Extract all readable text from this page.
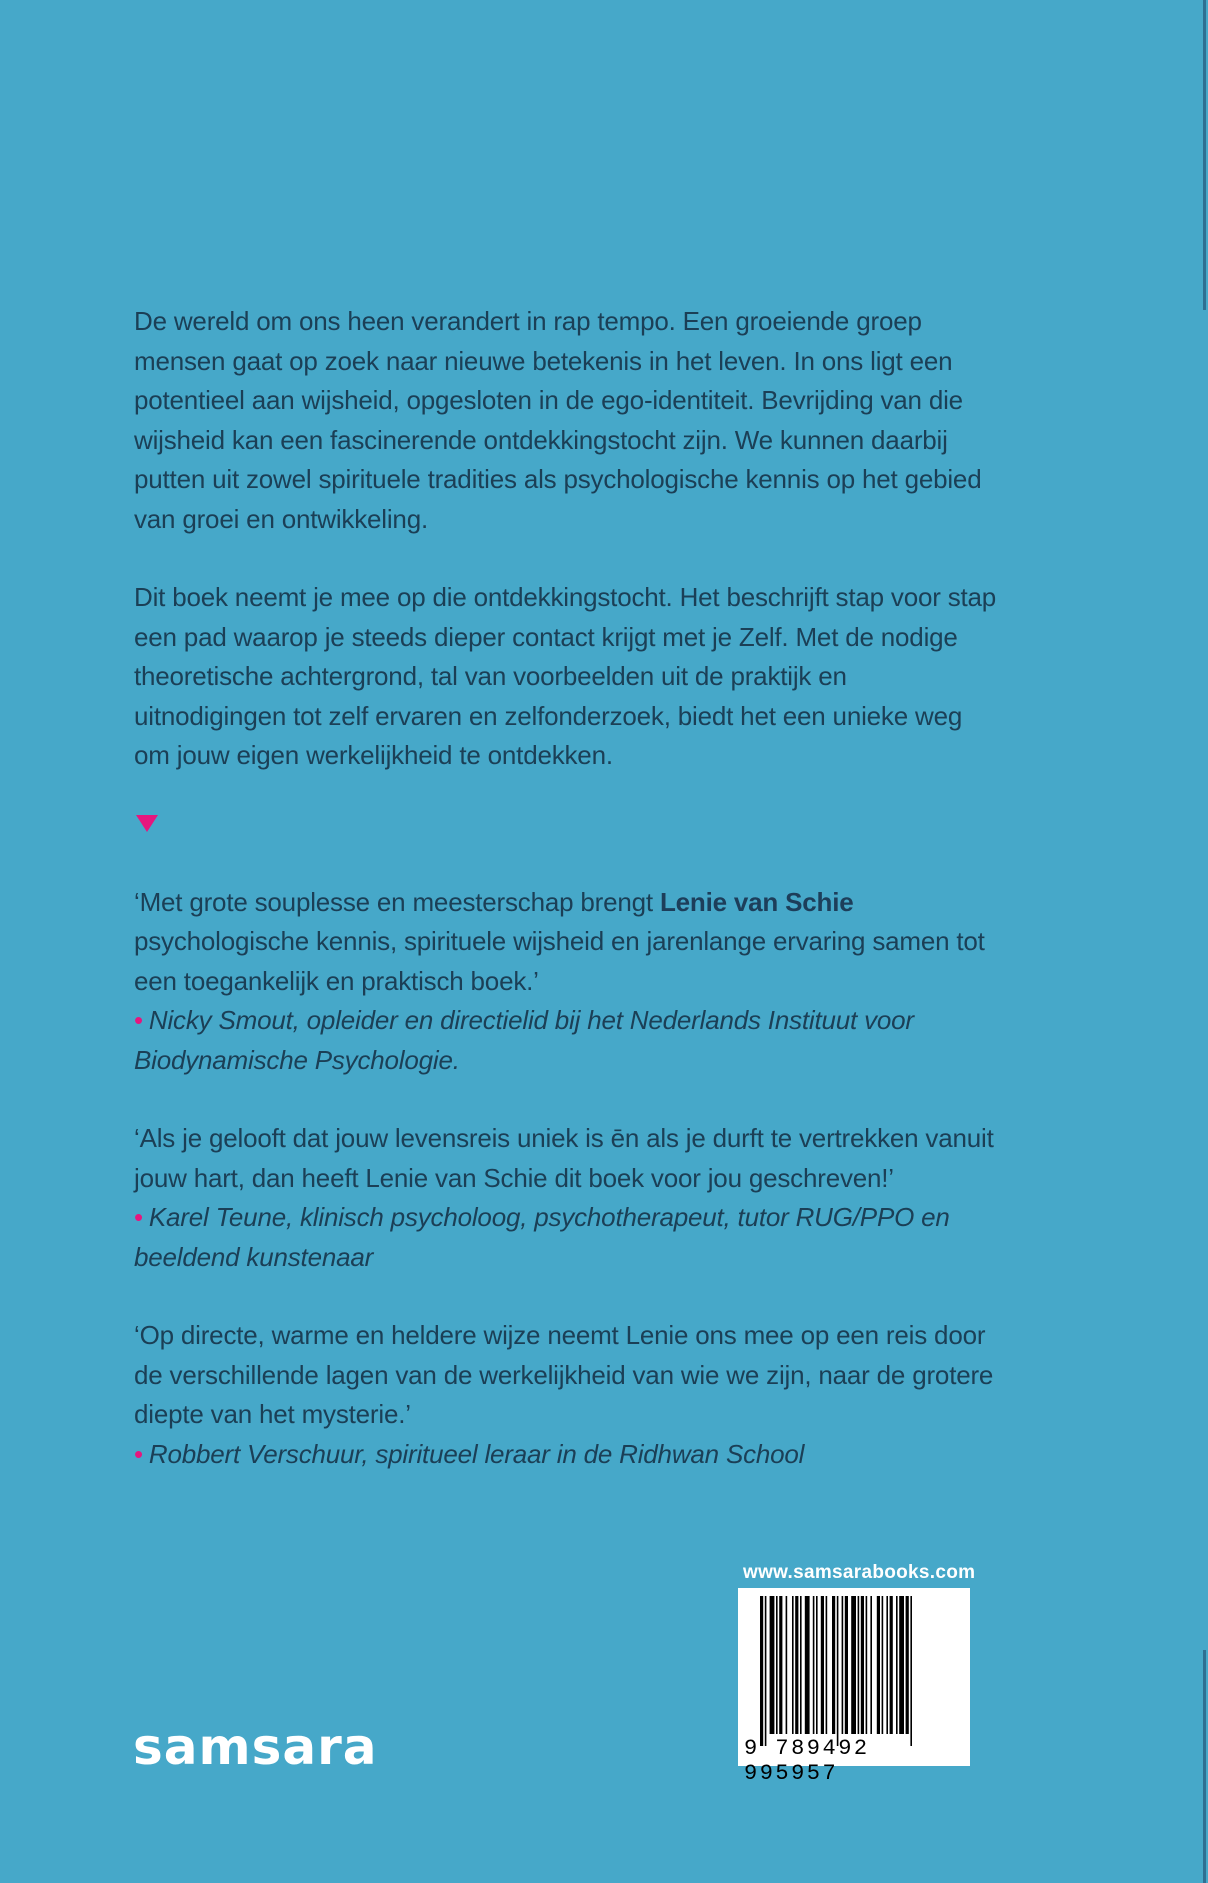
De wereld om ons heen verandert in rap tempo. Een groeiende groep mensen gaat op zoek naar nieuwe betekenis in het leven. In ons ligt een potentieel aan wijsheid, opgesloten in de ego-identiteit. Bevrijding van die wijsheid kan een fascinerende ontdekkingstocht zijn. We kunnen daarbij putten uit zowel spirituele tradities als psychologische kennis op het gebied van groei en ontwikkeling.

Dit boek neemt je mee op die ontdekkingstocht. Het beschrijft stap voor stap een pad waarop je steeds dieper contact krijgt met je Zelf. Met de nodige theoretische achtergrond, tal van voorbeelden uit de praktijk en uitnodigingen tot zelf ervaren en zelfonderzoek, biedt het een unieke weg om jouw eigen werkelijkheid te ontdekken.

‘Met grote souplesse en meesterschap brengt Lenie van Schie psychologische kennis, spirituele wijsheid en jarenlange ervaring samen tot een toegankelijk en praktisch boek.’

• Nicky Smout, opleider en directielid bij het Nederlands Instituut voor Biodynamische Psychologie.

‘Als je gelooft dat jouw levensreis uniek is ēn als je durft te vertrekken vanuit jouw hart, dan heeft Lenie van Schie dit boek voor jou geschreven!’

• Karel Teune, klinisch psycholoog, psychotherapeut, tutor RUG/PPO en beeldend kunstenaar

‘Op directe, warme en heldere wijze neemt Lenie ons mee op een reis door de verschillende lagen van de werkelijkheid van wie we zijn, naar de grotere diepte van het mysterie.’

• Robbert Verschuur, spiritueel leraar in de Ridhwan School

www.samsarabooks.com
9 789492 995957
samsara
